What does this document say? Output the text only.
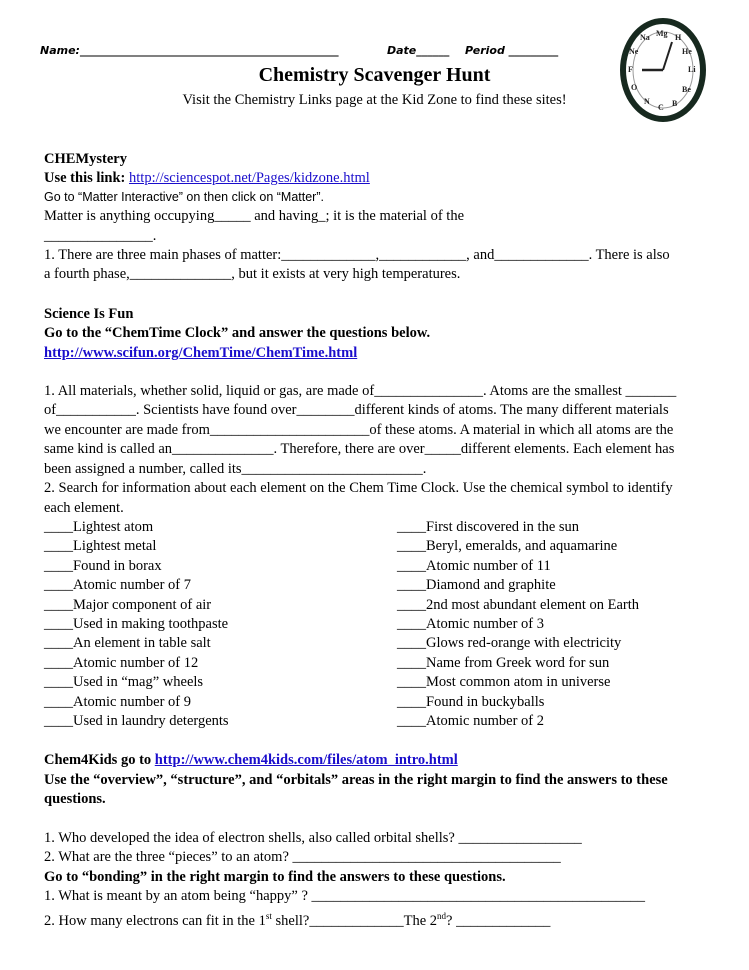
Name:_______________________________________________	Date______ Period _________
Mg H
He
Li
Be
B
C
N
O
F
Ne
Na
Chemistry Scavenger Hunt
Visit the Chemistry Links page at the Kid Zone to find these sites!
CHEMystery
Use this link: http://sciencespot.net/Pages/kidzone.html
Go to “Matter Interactive” on then click on “Matter”.
Matter is anything occupying_____ and having_; it is the material of the
_______________.
1. There are three main phases of matter:_____________,____________, and_____________. There is also
a fourth phase,______________, but it exists at very high temperatures.
Science Is Fun
Go to the “ChemTime Clock” and answer the questions below.
http://www.scifun.org/ChemTime/ChemTime.html
1. All materials, whether solid, liquid or gas, are made of_______________. Atoms are the smallest _______
of___________. Scientists have found over________different kinds of atoms. The many different materials
we encounter are made from______________________of these atoms. A material in which all atoms are the
same kind is called an______________. Therefore, there are over_____different elements. Each element has
been assigned a number, called its_________________________.
2. Search for information about each element on the Chem Time Clock. Use the chemical symbol to identify
each element.
____Lightest atom
____Lightest metal
____Found in borax
____Atomic number of 7
____Major component of air
____Used in making toothpaste
____An element in table salt
____Atomic number of 12
____Used in “mag” wheels
____Atomic number of 9
____Used in laundry detergents
____First discovered in the sun
____Beryl, emeralds, and aquamarine
____Atomic number of 11
____Diamond and graphite
____2nd most abundant element on Earth
____Atomic number of 3
____Glows red-orange with electricity
____Name from Greek word for sun
____Most common atom in universe
____Found in buckyballs
____Atomic number of 2
Chem4Kids go to http://www.chem4kids.com/files/atom_intro.html
Use the “overview”, “structure”, and “orbitals” areas in the right margin to find the answers to these
questions.
1. Who developed the idea of electron shells, also called orbital shells? _________________
2. What are the three “pieces” to an atom? _____________________________________
Go to “bonding” in the right margin to find the answers to these questions.
1. What is meant by an atom being “happy” ? ______________________________________________
2. How many electrons can fit in the 1st shell?_____________The 2nd? _____________
